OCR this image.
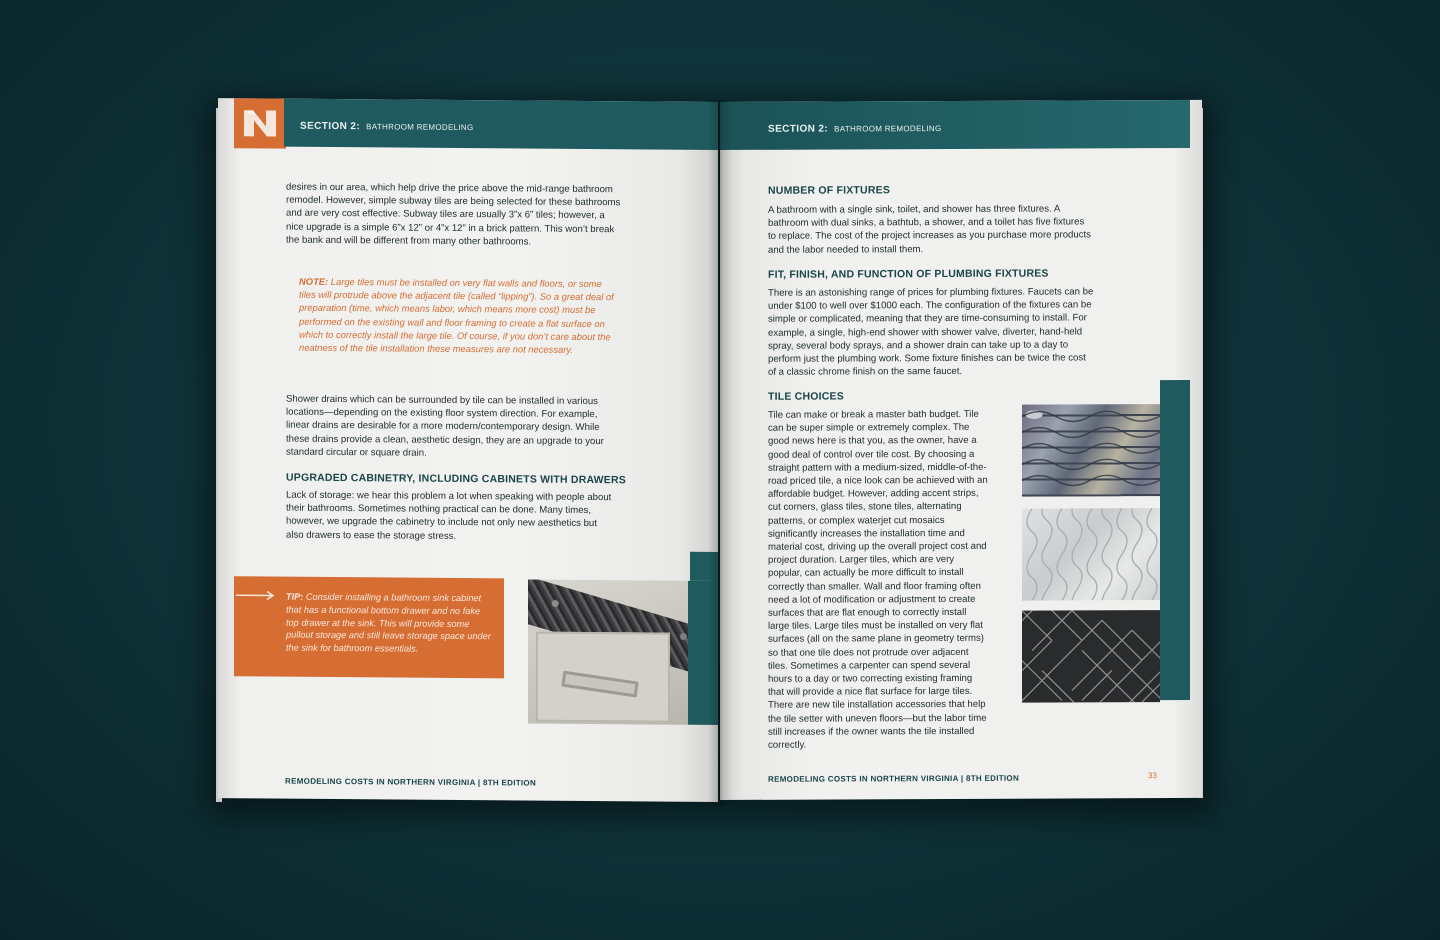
SECTION 2: BATHROOM REMODELING
desires in our area, which help drive the price above the mid-range bathroom remodel. However, simple subway tiles are being selected for these bathrooms and are very cost effective. Subway tiles are usually 3”x 6” tiles; however, a nice upgrade is a simple 6”x 12” or 4”x 12” in a brick pattern. This won’t break the bank and will be different from many other bathrooms.
NOTE: Large tiles must be installed on very flat walls and floors, or some tiles will protrude above the adjacent tile (called “lipping”). So a great deal of preparation (time, which means labor, which means more cost) must be performed on the existing wall and floor framing to create a flat surface on which to correctly install the large tile. Of course, if you don’t care about the neatness of the tile installation these measures are not necessary.
Shower drains which can be surrounded by tile can be installed in various locations—depending on the existing floor system direction. For example, linear drains are desirable for a more modern/contemporary design. While these drains provide a clean, aesthetic design, they are an upgrade to your standard circular or square drain.
UPGRADED CABINETRY, INCLUDING CABINETS WITH DRAWERS
Lack of storage: we hear this problem a lot when speaking with people about their bathrooms. Sometimes nothing practical can be done. Many times, however, we upgrade the cabinetry to include not only new aesthetics but also drawers to ease the storage stress.
TIP: Consider installing a bathroom sink cabinet that has a functional bottom drawer and no fake top drawer at the sink. This will provide some pullout storage and still leave storage space under the sink for bathroom essentials.
REMODELING COSTS IN NORTHERN VIRGINIA | 8TH EDITION
SECTION 2: BATHROOM REMODELING
NUMBER OF FIXTURES
A bathroom with a single sink, toilet, and shower has three fixtures. A bathroom with dual sinks, a bathtub, a shower, and a toilet has five fixtures to replace. The cost of the project increases as you purchase more products and the labor needed to install them.
FIT, FINISH, AND FUNCTION OF PLUMBING FIXTURES
There is an astonishing range of prices for plumbing fixtures. Faucets can be under $100 to well over $1000 each. The configuration of the fixtures can be simple or complicated, meaning that they are time-consuming to install. For example, a single, high-end shower with shower valve, diverter, hand-held spray, several body sprays, and a shower drain can take up to a day to perform just the plumbing work. Some fixture finishes can be twice the cost of a classic chrome finish on the same faucet.
TILE CHOICES
Tile can make or break a master bath budget. Tile can be super simple or extremely complex. The good news here is that you, as the owner, have a good deal of control over tile cost. By choosing a straight pattern with a medium-sized, middle-of-the-road priced tile, a nice look can be achieved with an affordable budget. However, adding accent strips, cut corners, glass tiles, stone tiles, alternating patterns, or complex waterjet cut mosaics significantly increases the installation time and material cost, driving up the overall project cost and project duration. Larger tiles, which are very popular, can actually be more difficult to install correctly than smaller. Wall and floor framing often need a lot of modification or adjustment to create surfaces that are flat enough to correctly install large tiles. Large tiles must be installed on very flat surfaces (all on the same plane in geometry terms) so that one tile does not protrude over adjacent tiles. Sometimes a carpenter can spend several hours to a day or two correcting existing framing that will provide a nice flat surface for large tiles. There are new tile installation accessories that help the tile setter with uneven floors—but the labor time still increases if the owner wants the tile installed correctly.
REMODELING COSTS IN NORTHERN VIRGINIA | 8TH EDITION	33
